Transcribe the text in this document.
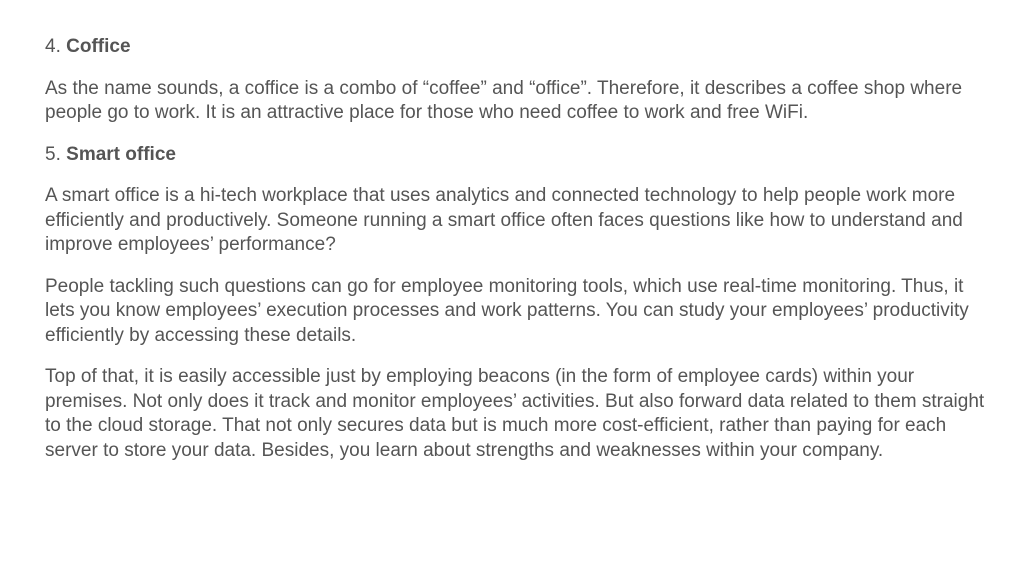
4. Coffice

As the name sounds, a coffice is a combo of “coffee” and “office”. Therefore, it describes a coffee shop where people go to work. It is an attractive place for those who need coffee to work and free WiFi.

5. Smart office

A smart office is a hi-tech workplace that uses analytics and connected technology to help people work more efficiently and productively. Someone running a smart office often faces questions like how to understand and improve employees’ performance?

People tackling such questions can go for employee monitoring tools, which use real-time monitoring. Thus, it lets you know employees’ execution processes and work patterns. You can study your employees’ productivity efficiently by accessing these details.

Top of that, it is easily accessible just by employing beacons (in the form of employee cards) within your premises. Not only does it track and monitor employees’ activities. But also forward data related to them straight to the cloud storage. That not only secures data but is much more cost-efficient, rather than paying for each server to store your data. Besides, you learn about strengths and weaknesses within your company.
